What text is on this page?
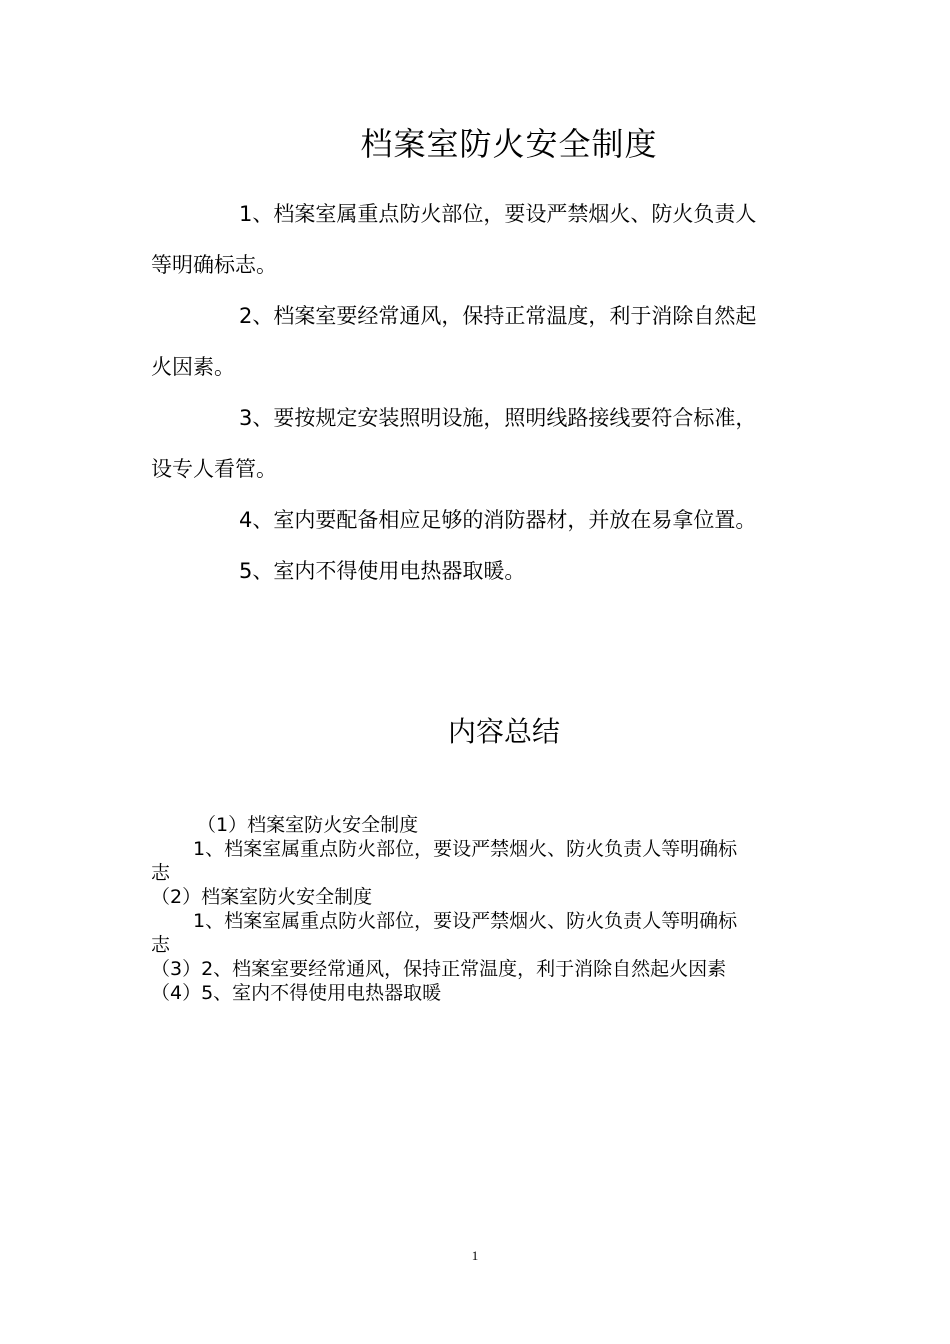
档案室防火安全制度

1、档案室属重点防火部位，要设严禁烟火、防火负责人

等明确标志。

2、档案室要经常通风，保持正常温度，利于消除自然起

火因素。

3、要按规定安装照明设施，照明线路接线要符合标准，

设专人看管。

4、室内要配备相应足够的消防器材，并放在易拿位置。

5、室内不得使用电热器取暖。

内容总结

（1）档案室防火安全制度

1、档案室属重点防火部位，要设严禁烟火、防火负责人等明确标

志

（2）档案室防火安全制度

1、档案室属重点防火部位，要设严禁烟火、防火负责人等明确标

志

（3）2、档案室要经常通风，保持正常温度，利于消除自然起火因素

（4）5、室内不得使用电热器取暖

1
